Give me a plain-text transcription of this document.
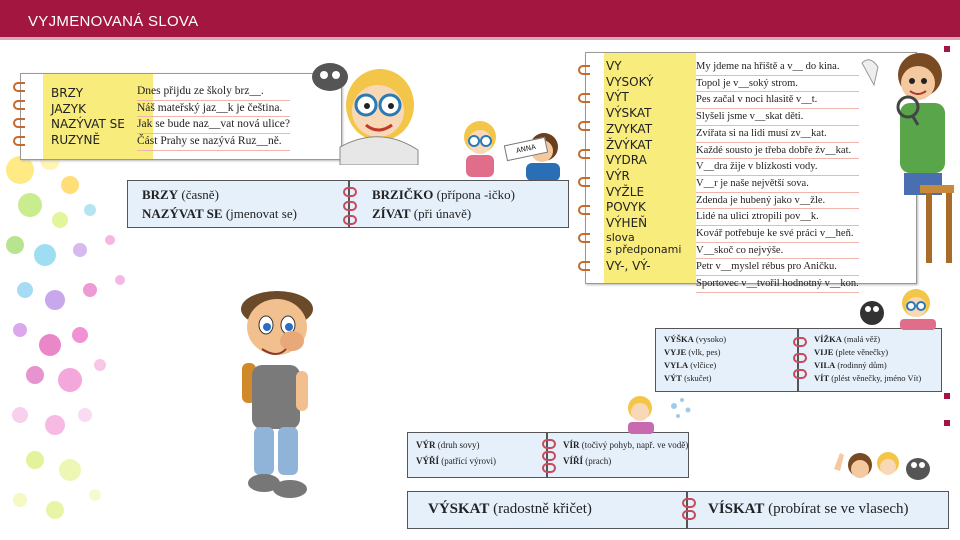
VYJMENOVANÁ SLOVA
BRZY
JAZYK
NAZÝVAT SE
RUZYNĚ
Dnes přijdu ze školy brz__.
Náš mateřský jaz__k je čeština.
Jak se bude naz__vat nová ulice?
Část Prahy se nazývá Ruz__ně.
ANNA
BRZY (časně)
NAZÝVAT SE (jmenovat se)
BRZIČKO (přípona -ičko)
ZÍVAT (při únavě)
VY
VYSOKÝ
VÝT
VÝSKAT
ZVYKAT
ŽVÝKAT
VYDRA
VÝR
VYŽLE
POVYK
VÝHEŇ
slova
s předponami
VY-, VÝ-
My jdeme na hřiště a v__ do kina.
Topol je v__soký strom.
Pes začal v noci hlasitě v__t.
Slyšeli jsme v__skat děti.
Zvířata si na lidi musí zv__kat.
Každé sousto je třeba dobře žv__kat.
V__dra žije v blízkosti vody.
V__r je naše největší sova.
Zdenda je hubený jako v__žle.
Lidé na ulici ztropili pov__k.
Kovář potřebuje ke své práci v__heň.
V__skoč co nejvýše.
Petr v__myslel rébus pro Aničku.
Sportovec v__tvořil hodnotný v__kon.
VÝŠKA (vysoko)
VYJE (vlk, pes)
VYLA (vlčice)
VÝT (skučet)
VÍŽKA (malá věž)
VIJE (plete věnečky)
VILA (rodinný dům)
VÍT (plést věnečky, jméno Vít)
VÝR (druh sovy)
VÝŘÍ (patřící výrovi)
VÍR (točivý pohyb, např. ve vodě)
VÍŘÍ (prach)
VÝSKAT (radostně křičet)	VÍSKAT (probírat se ve vlasech)
